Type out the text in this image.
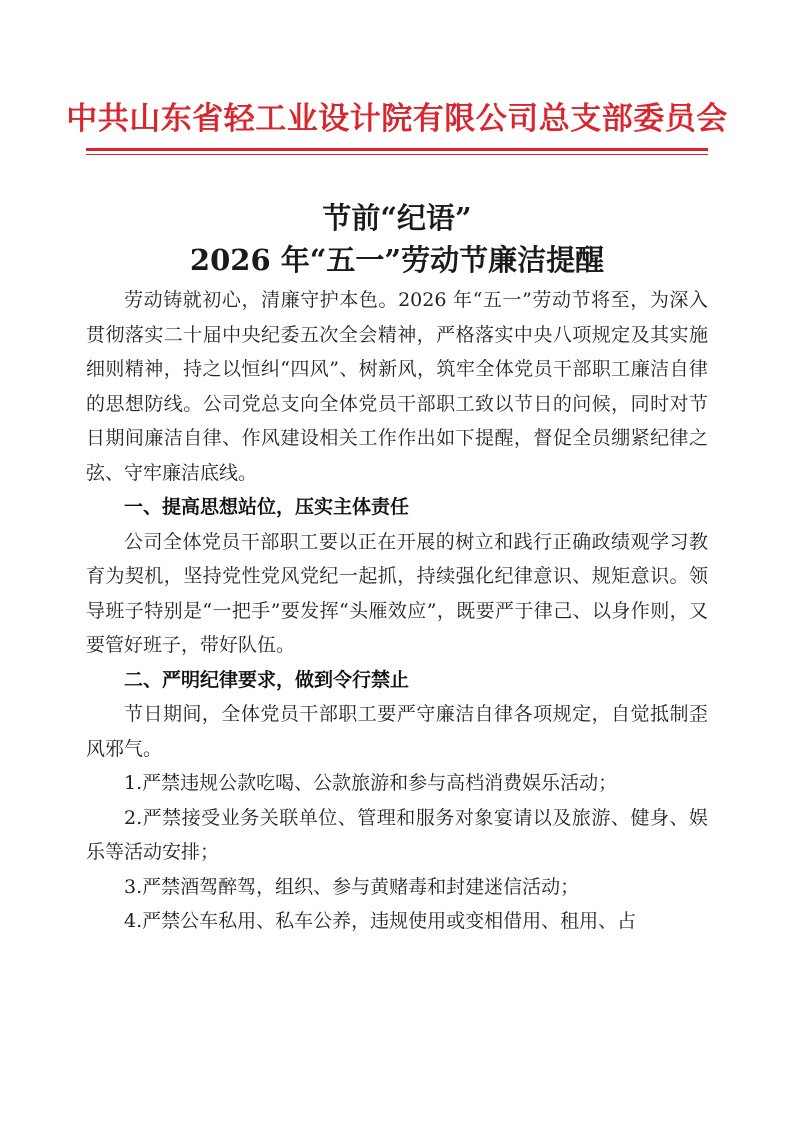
中共山东省轻工业设计院有限公司总支部委员会
节前“纪语”
2026 年“五一”劳动节廉洁提醒

劳动铸就初心，清廉守护本色。2026 年“五一”劳动节将至，为深入贯彻落实二十届中央纪委五次全会精神，严格落实中央八项规定及其实施细则精神，持之以恒纠“四风”、树新风，筑牢全体党员干部职工廉洁自律的思想防线。公司党总支向全体党员干部职工致以节日的问候，同时对节日期间廉洁自律、作风建设相关工作作出如下提醒，督促全员绷紧纪律之弦、守牢廉洁底线。

一、提高思想站位，压实主体责任

公司全体党员干部职工要以正在开展的树立和践行正确政绩观学习教育为契机，坚持党性党风党纪一起抓，持续强化纪律意识、规矩意识。领导班子特别是“一把手”要发挥“头雁效应”，既要严于律己、以身作则，又要管好班子，带好队伍。

二、严明纪律要求，做到令行禁止

节日期间，全体党员干部职工要严守廉洁自律各项规定，自觉抵制歪风邪气。

1.严禁违规公款吃喝、公款旅游和参与高档消费娱乐活动；

2.严禁接受业务关联单位、管理和服务对象宴请以及旅游、健身、娱乐等活动安排；

3.严禁酒驾醉驾，组织、参与黄赌毒和封建迷信活动；

4.严禁公车私用、私车公养，违规使用或变相借用、租用、占
